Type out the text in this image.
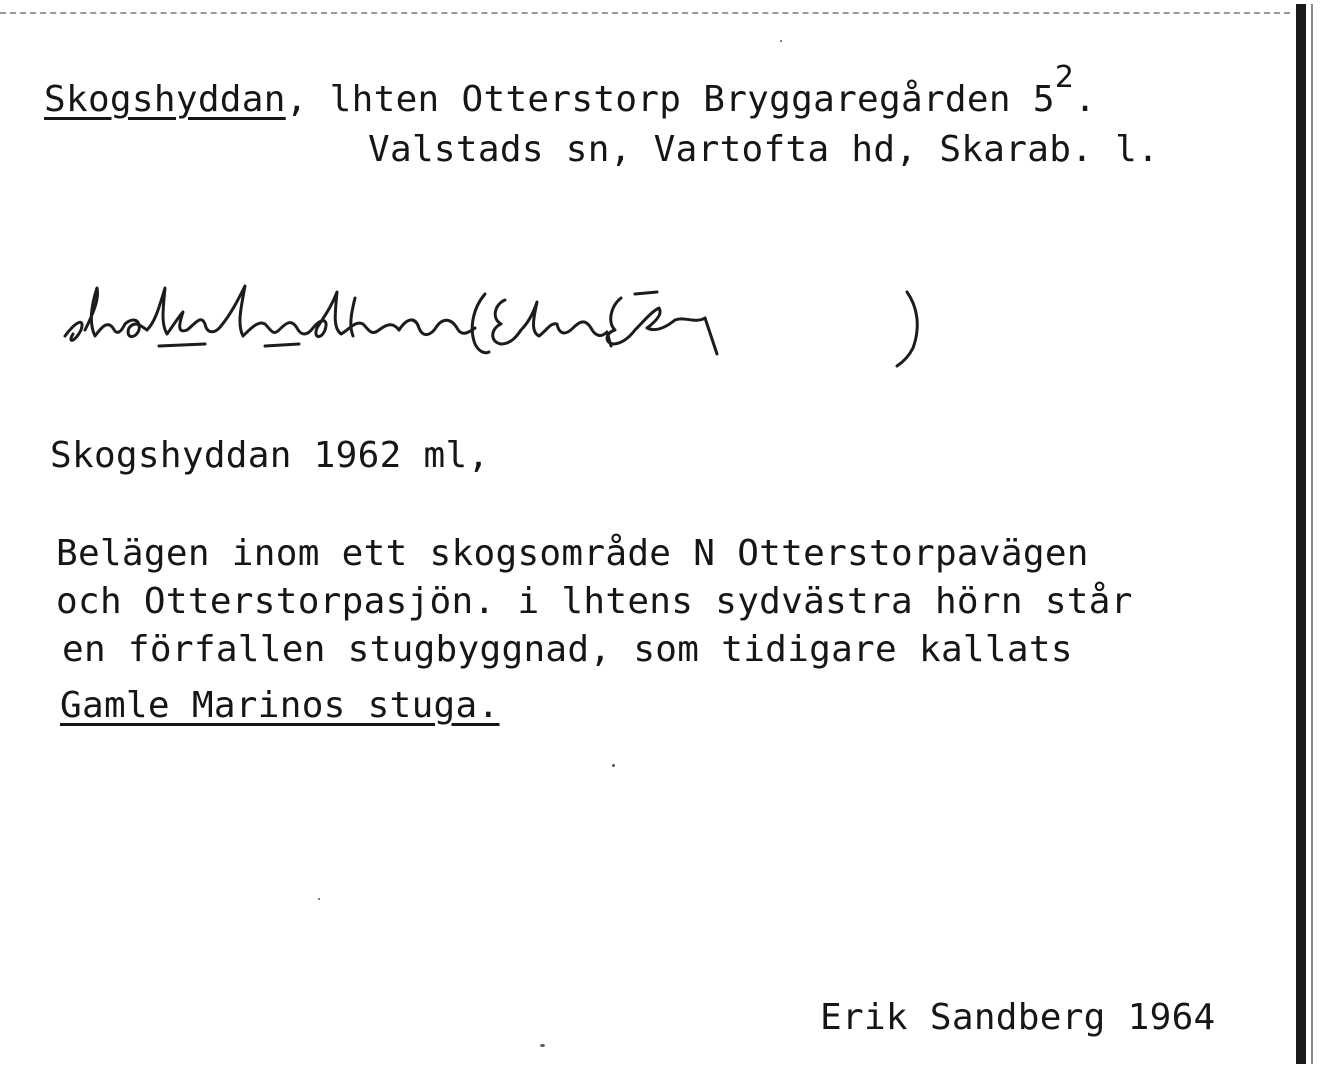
Skogshyddan, lhten Otterstorp Bryggaregården $5^2$.
Valstads sn, Vartofta hd, Skarab. l.
Skogshyddan 1962 ml,
Belägen inom ett skogsområde N Otterstorpavägen
och Otterstorpasjön. i lhtens sydvästra hörn står
en förfallen stugbyggnad, som tidigare kallats
Gamle Marinos stuga.
Erik Sandberg 1964
